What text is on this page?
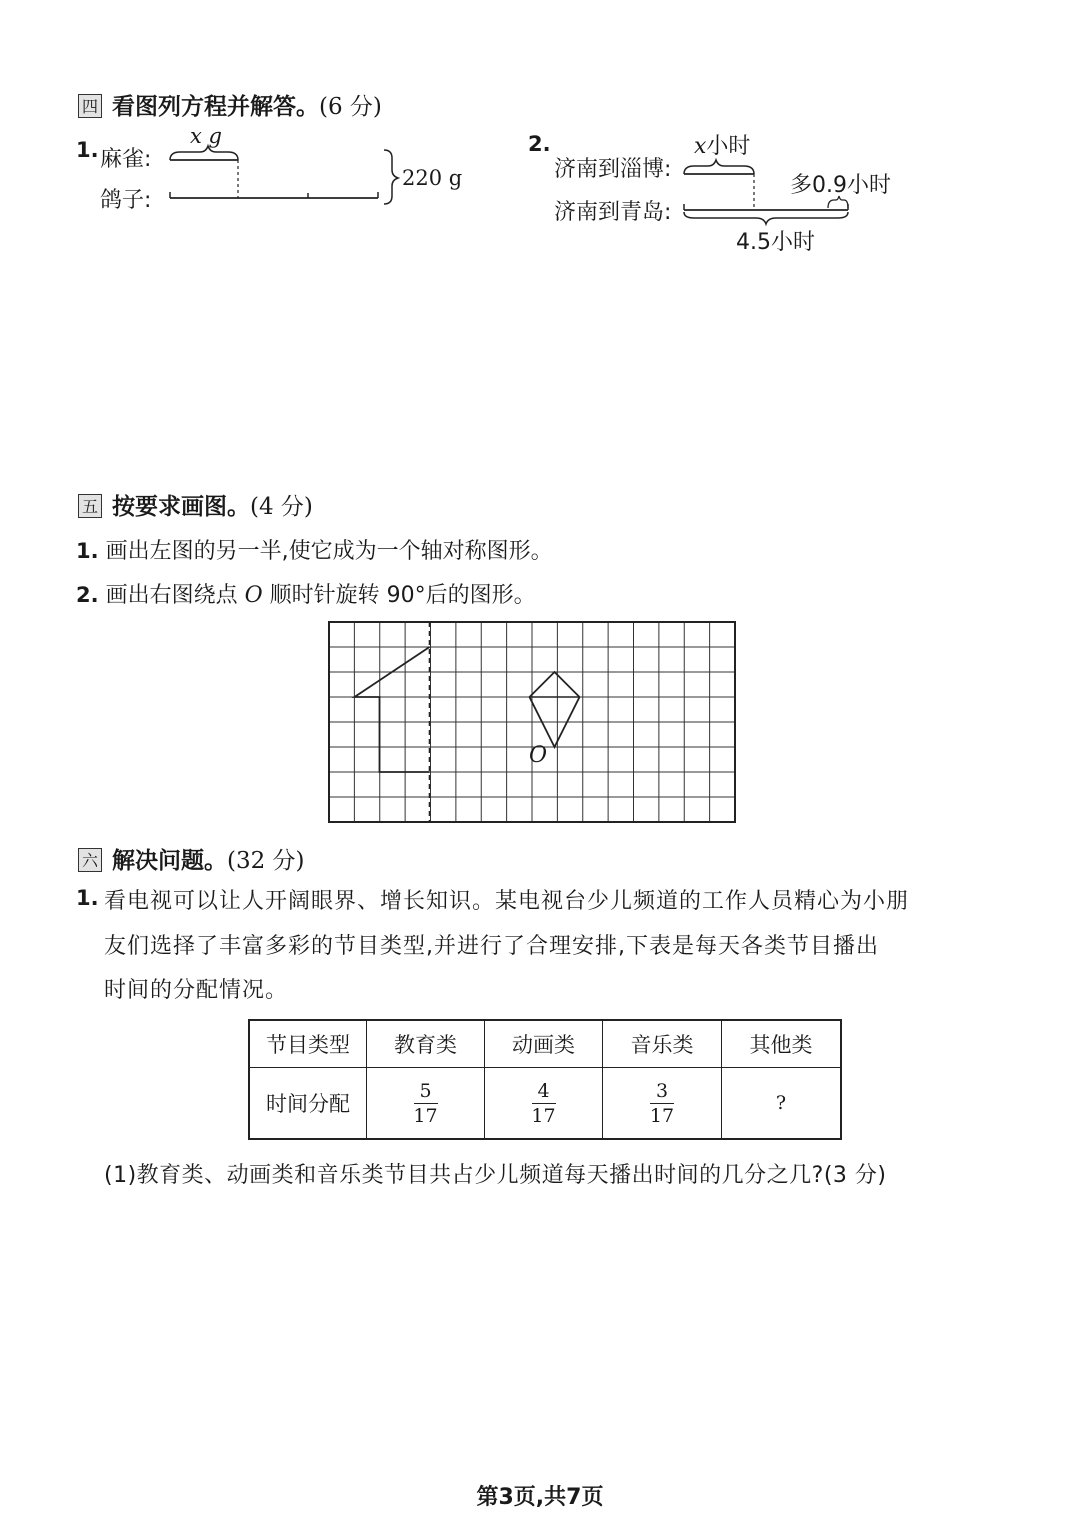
四 看图列方程并解答。(6 分)
1. 麻雀:
鸽子:
x g
220 g
2.
济南到淄博:
济南到青岛:
x小时
多0.9小时
4.5小时
五 按要求画图。(4 分)
1. 画出左图的另一半,使它成为一个轴对称图形。
2. 画出右图绕点 O 顺时针旋转 90°后的图形。
O
六 解决问题。(32 分)
1. 看电视可以让人开阔眼界、增长知识。某电视台少儿频道的工作人员精心为小朋
友们选择了丰富多彩的节目类型,并进行了合理安排,下表是每天各类节目播出
时间的分配情况。
节目类型	教育类	动画类	音乐类	其他类
时间分配	$\frac{5}{17}$	$\frac{4}{17}$	$\frac{3}{17}$	?
(1)教育类、动画类和音乐类节目共占少儿频道每天播出时间的几分之几?(3 分)
第3页,共7页
